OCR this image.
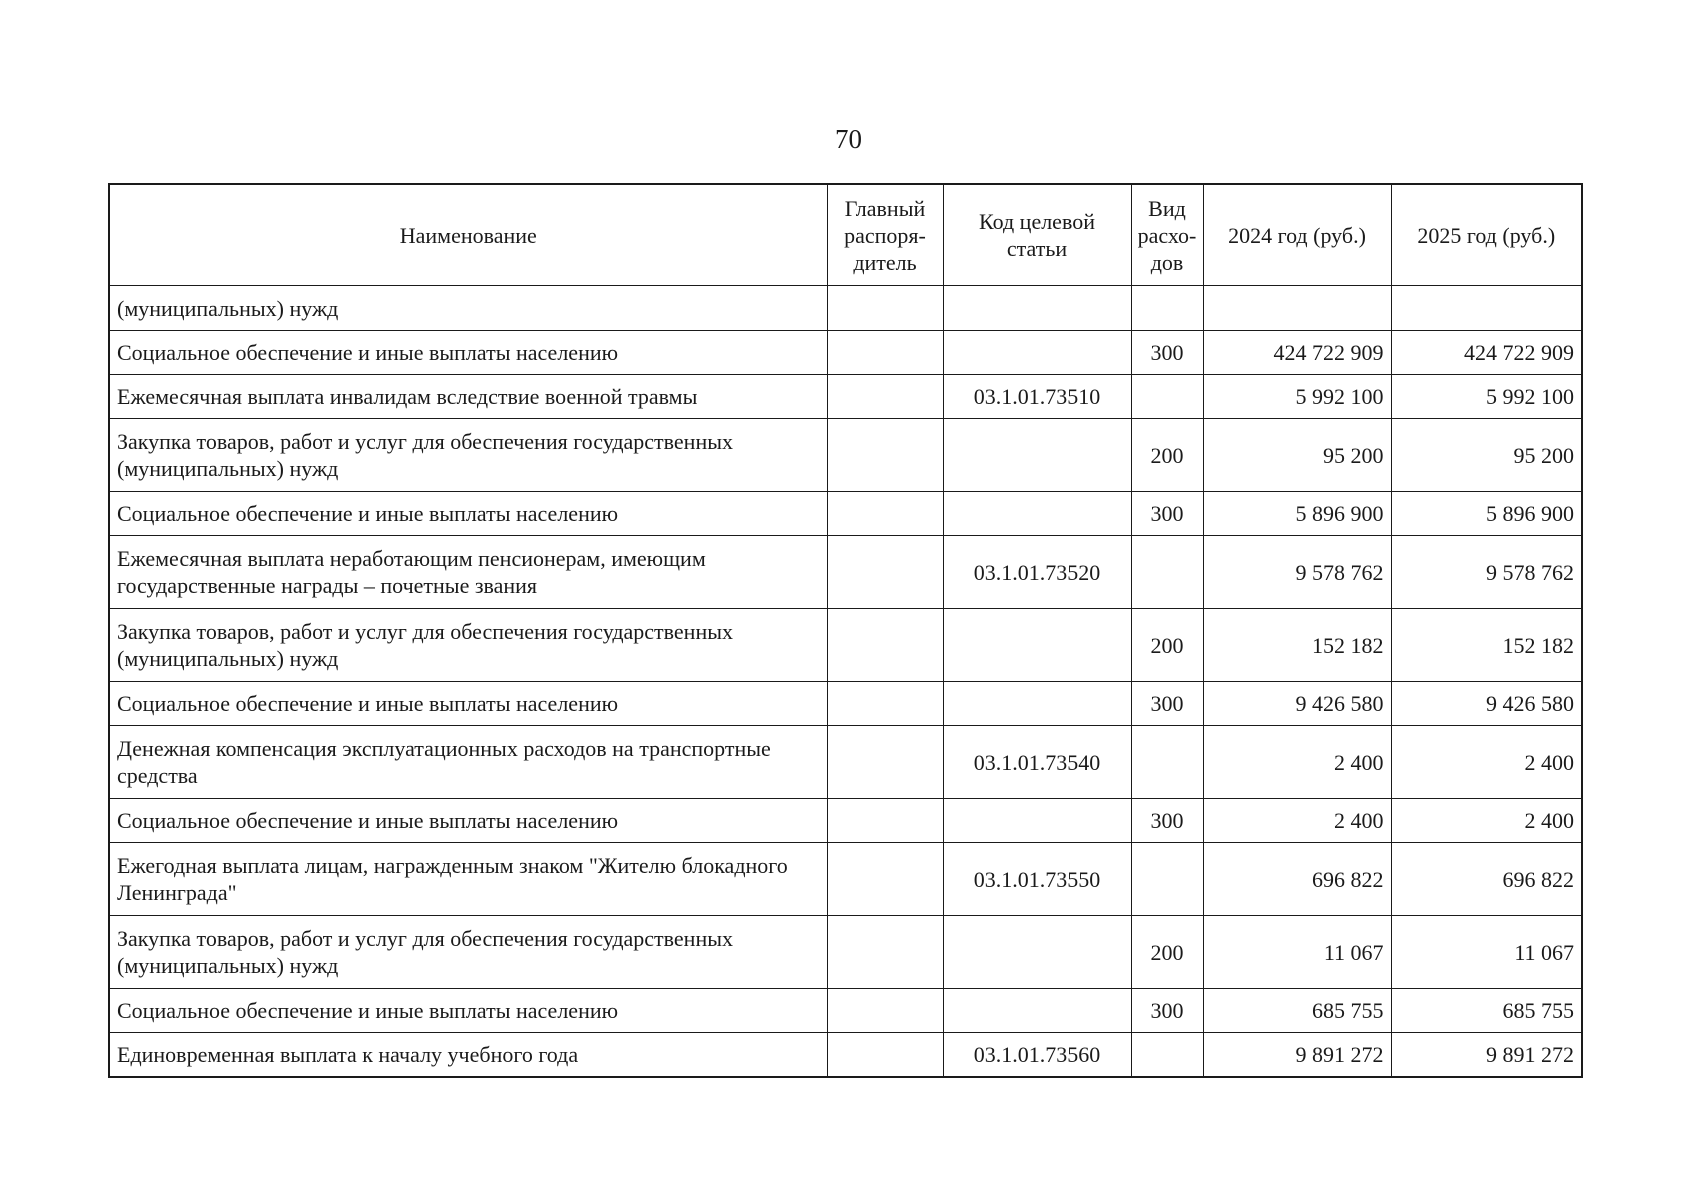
70
Наименование	Главный распоря-дитель	Код целевой статьи	Вид расхо-дов	2024 год (руб.)	2025 год (руб.)
(муниципальных) нужд					
Социальное обеспечение и иные выплаты населению			300	424 722 909	424 722 909
Ежемесячная выплата инвалидам вследствие военной травмы		03.1.01.73510		5 992 100	5 992 100
Закупка товаров, работ и услуг для обеспечения государственных (муниципальных) нужд			200	95 200	95 200
Социальное обеспечение и иные выплаты населению			300	5 896 900	5 896 900
Ежемесячная выплата неработающим пенсионерам, имеющим государственные награды – почетные звания		03.1.01.73520		9 578 762	9 578 762
Закупка товаров, работ и услуг для обеспечения государственных (муниципальных) нужд			200	152 182	152 182
Социальное обеспечение и иные выплаты населению			300	9 426 580	9 426 580
Денежная компенсация эксплуатационных расходов на транспортные средства		03.1.01.73540		2 400	2 400
Социальное обеспечение и иные выплаты населению			300	2 400	2 400
Ежегодная выплата лицам, награжденным знаком "Жителю блокадного Ленинграда"		03.1.01.73550		696 822	696 822
Закупка товаров, работ и услуг для обеспечения государственных (муниципальных) нужд			200	11 067	11 067
Социальное обеспечение и иные выплаты населению			300	685 755	685 755
Единовременная выплата к началу учебного года		03.1.01.73560		9 891 272	9 891 272
